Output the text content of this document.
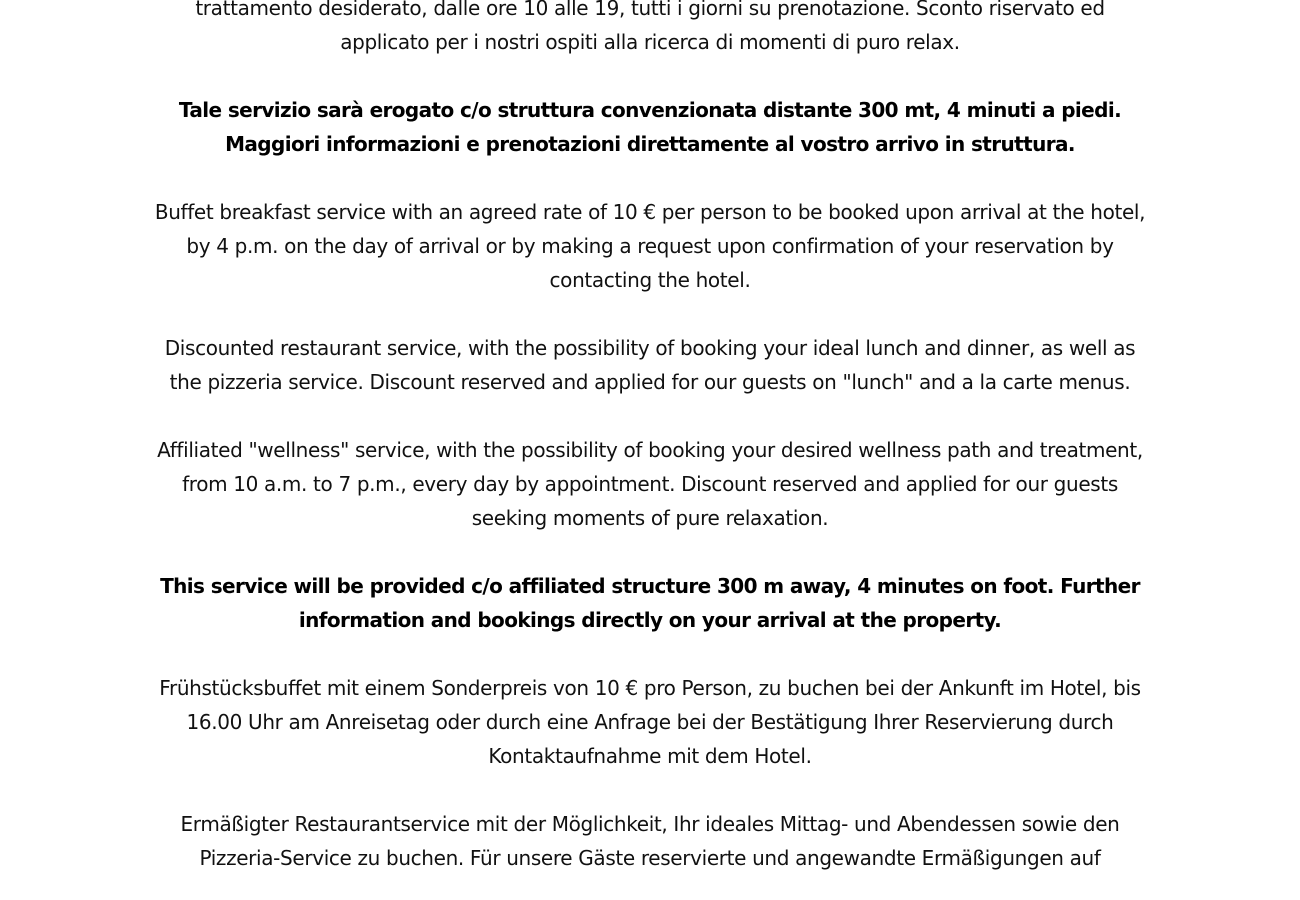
trattamento desiderato, dalle ore 10 alle 19, tutti i giorni su prenotazione. Sconto riservato ed applicato per i nostri ospiti alla ricerca di momenti di puro relax.

Tale servizio sarà erogato c/o struttura convenzionata distante 300 mt, 4 minuti a piedi. Maggiori informazioni e prenotazioni direttamente al vostro arrivo in struttura.

Buffet breakfast service with an agreed rate of 10 € per person to be booked upon arrival at the hotel, by 4 p.m. on the day of arrival or by making a request upon confirmation of your reservation by contacting the hotel.

Discounted restaurant service, with the possibility of booking your ideal lunch and dinner, as well as the pizzeria service. Discount reserved and applied for our guests on "lunch" and a la carte menus.

Affiliated "wellness" service, with the possibility of booking your desired wellness path and treatment, from 10 a.m. to 7 p.m., every day by appointment. Discount reserved and applied for our guests seeking moments of pure relaxation.

This service will be provided c/o affiliated structure 300 m away, 4 minutes on foot. Further information and bookings directly on your arrival at the property.

Frühstücksbuffet mit einem Sonderpreis von 10 € pro Person, zu buchen bei der Ankunft im Hotel, bis 16.00 Uhr am Anreisetag oder durch eine Anfrage bei der Bestätigung Ihrer Reservierung durch Kontaktaufnahme mit dem Hotel.

Ermäßigter Restaurantservice mit der Möglichkeit, Ihr ideales Mittag- und Abendessen sowie den Pizzeria-Service zu buchen. Für unsere Gäste reservierte und angewandte Ermäßigungen auf
